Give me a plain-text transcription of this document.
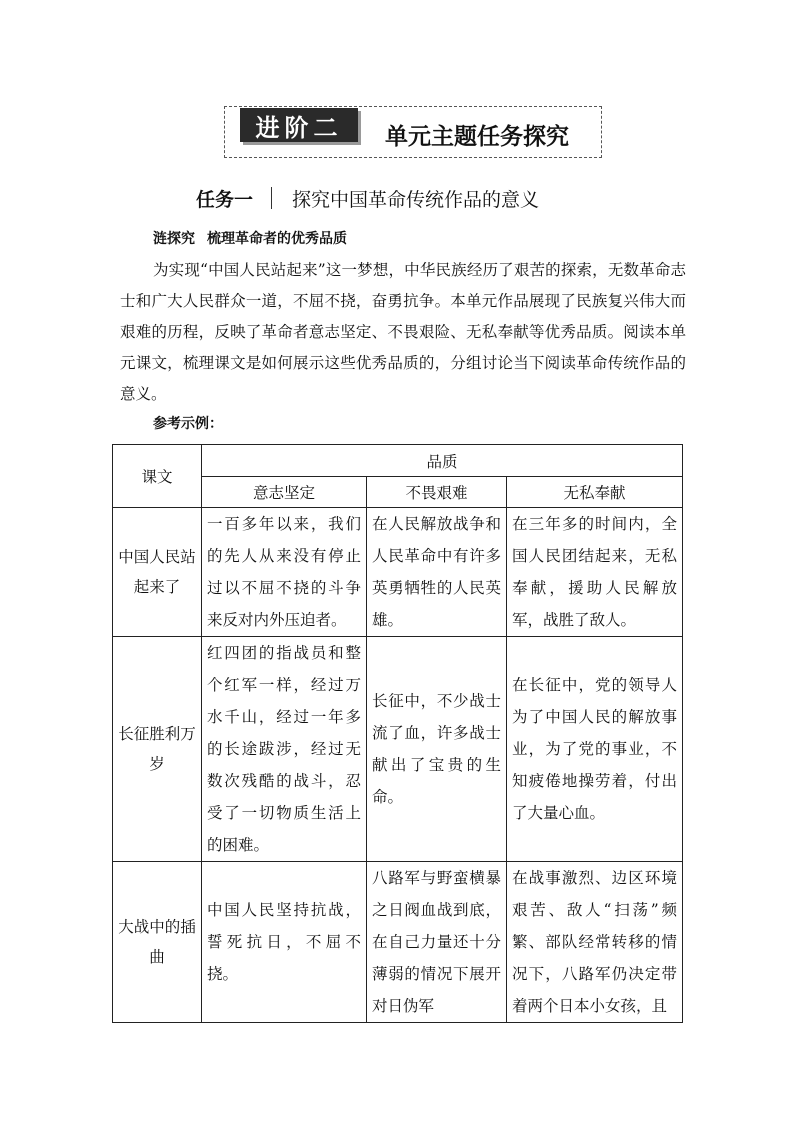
进阶二	单元主题任务探究
任务一 探究中国革命传统作品的意义
涟探究 梳理革命者的优秀品质
为实现“中国人民站起来”这一梦想，中华民族经历了艰苦的探索，无数革命志士和广大人民群众一道，不屈不挠，奋勇抗争。本单元作品展现了民族复兴伟大而艰难的历程，反映了革命者意志坚定、不畏艰险、无私奉献等优秀品质。阅读本单元课文，梳理课文是如何展示这些优秀品质的，分组讨论当下阅读革命传统作品的意义。
参考示例：
课文	品质		
	意志坚定	不畏艰难	无私奉献
中国人民站起来了	一百多年以来，我们的先人从来没有停止过以不屈不挠的斗争来反对内外压迫者。	在人民解放战争和人民革命中有许多英勇牺牲的人民英雄。	在三年多的时间内，全国人民团结起来，无私奉献，援助人民解放军，战胜了敌人。
长征胜利万岁	红四团的指战员和整个红军一样，经过万水千山，经过一年多的长途跋涉，经过无数次残酷的战斗，忍受了一切物质生活上的困难。	长征中，不少战士流了血，许多战士献出了宝贵的生命。	在长征中，党的领导人为了中国人民的解放事业，为了党的事业，不知疲倦地操劳着，付出了大量心血。
大战中的插曲	中国人民坚持抗战，誓死抗日，不屈不挠。	八路军与野蛮横暴之日阀血战到底，在自己力量还十分薄弱的情况下展开对日伪军	在战事激烈、边区环境艰苦、敌人“扫荡”频繁、部队经常转移的情况下，八路军仍决定带着两个日本小女孩，且
